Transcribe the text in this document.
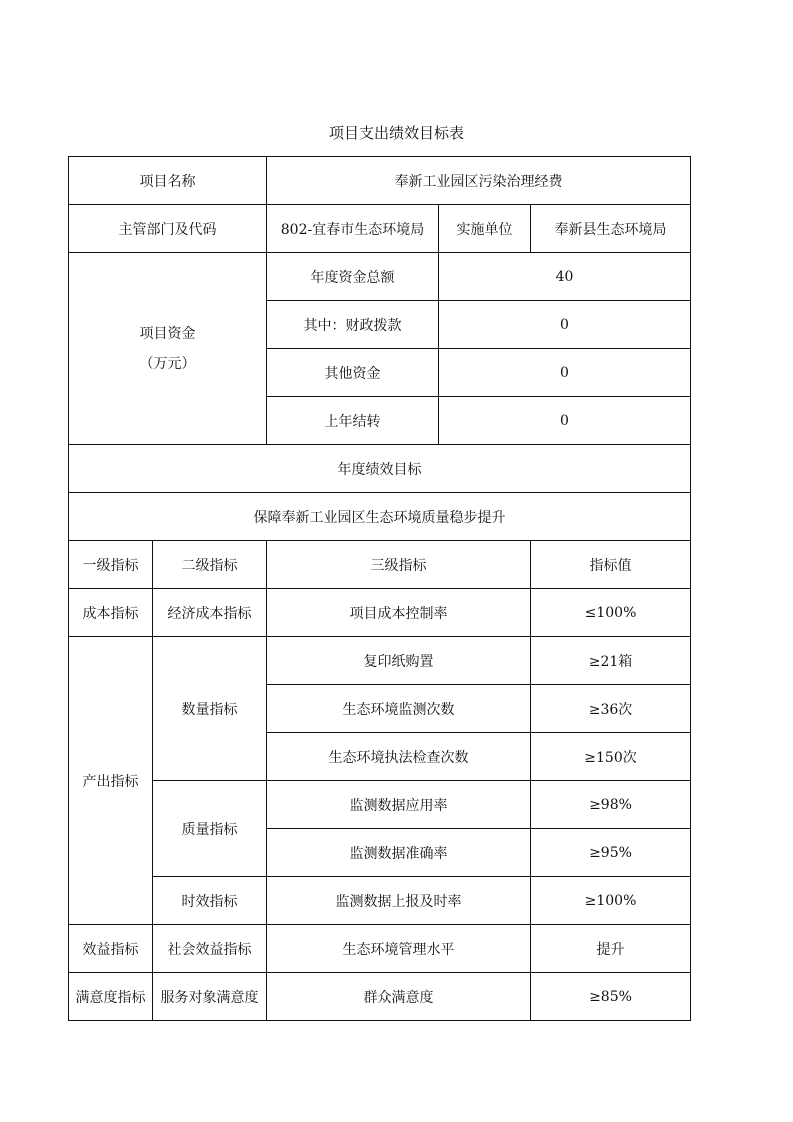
项目支出绩效目标表
项目名称		奉新工业园区污染治理经费		
主管部门及代码		802-宜春市生态环境局	实施单位	奉新县生态环境局

项目资金
（万元）		年度资金总额	40	
		其中：财政拨款	0	
		其他资金	0	
		上年结转	0	
年度绩效目标				
保障奉新工业园区生态环境质量稳步提升				
一级指标	二级指标	三级指标		指标值
成本指标	经济成本指标	项目成本控制率		≤100%
产出指标	数量指标	复印纸购置		≥21箱
		生态环境监测次数		≥36次
		生态环境执法检查次数		≥150次
	质量指标	监测数据应用率		≥98%
		监测数据准确率		≥95%
	时效指标	监测数据上报及时率		≥100%
效益指标	社会效益指标	生态环境管理水平		提升
满意度指标	服务对象满意度	群众满意度		≥85%
